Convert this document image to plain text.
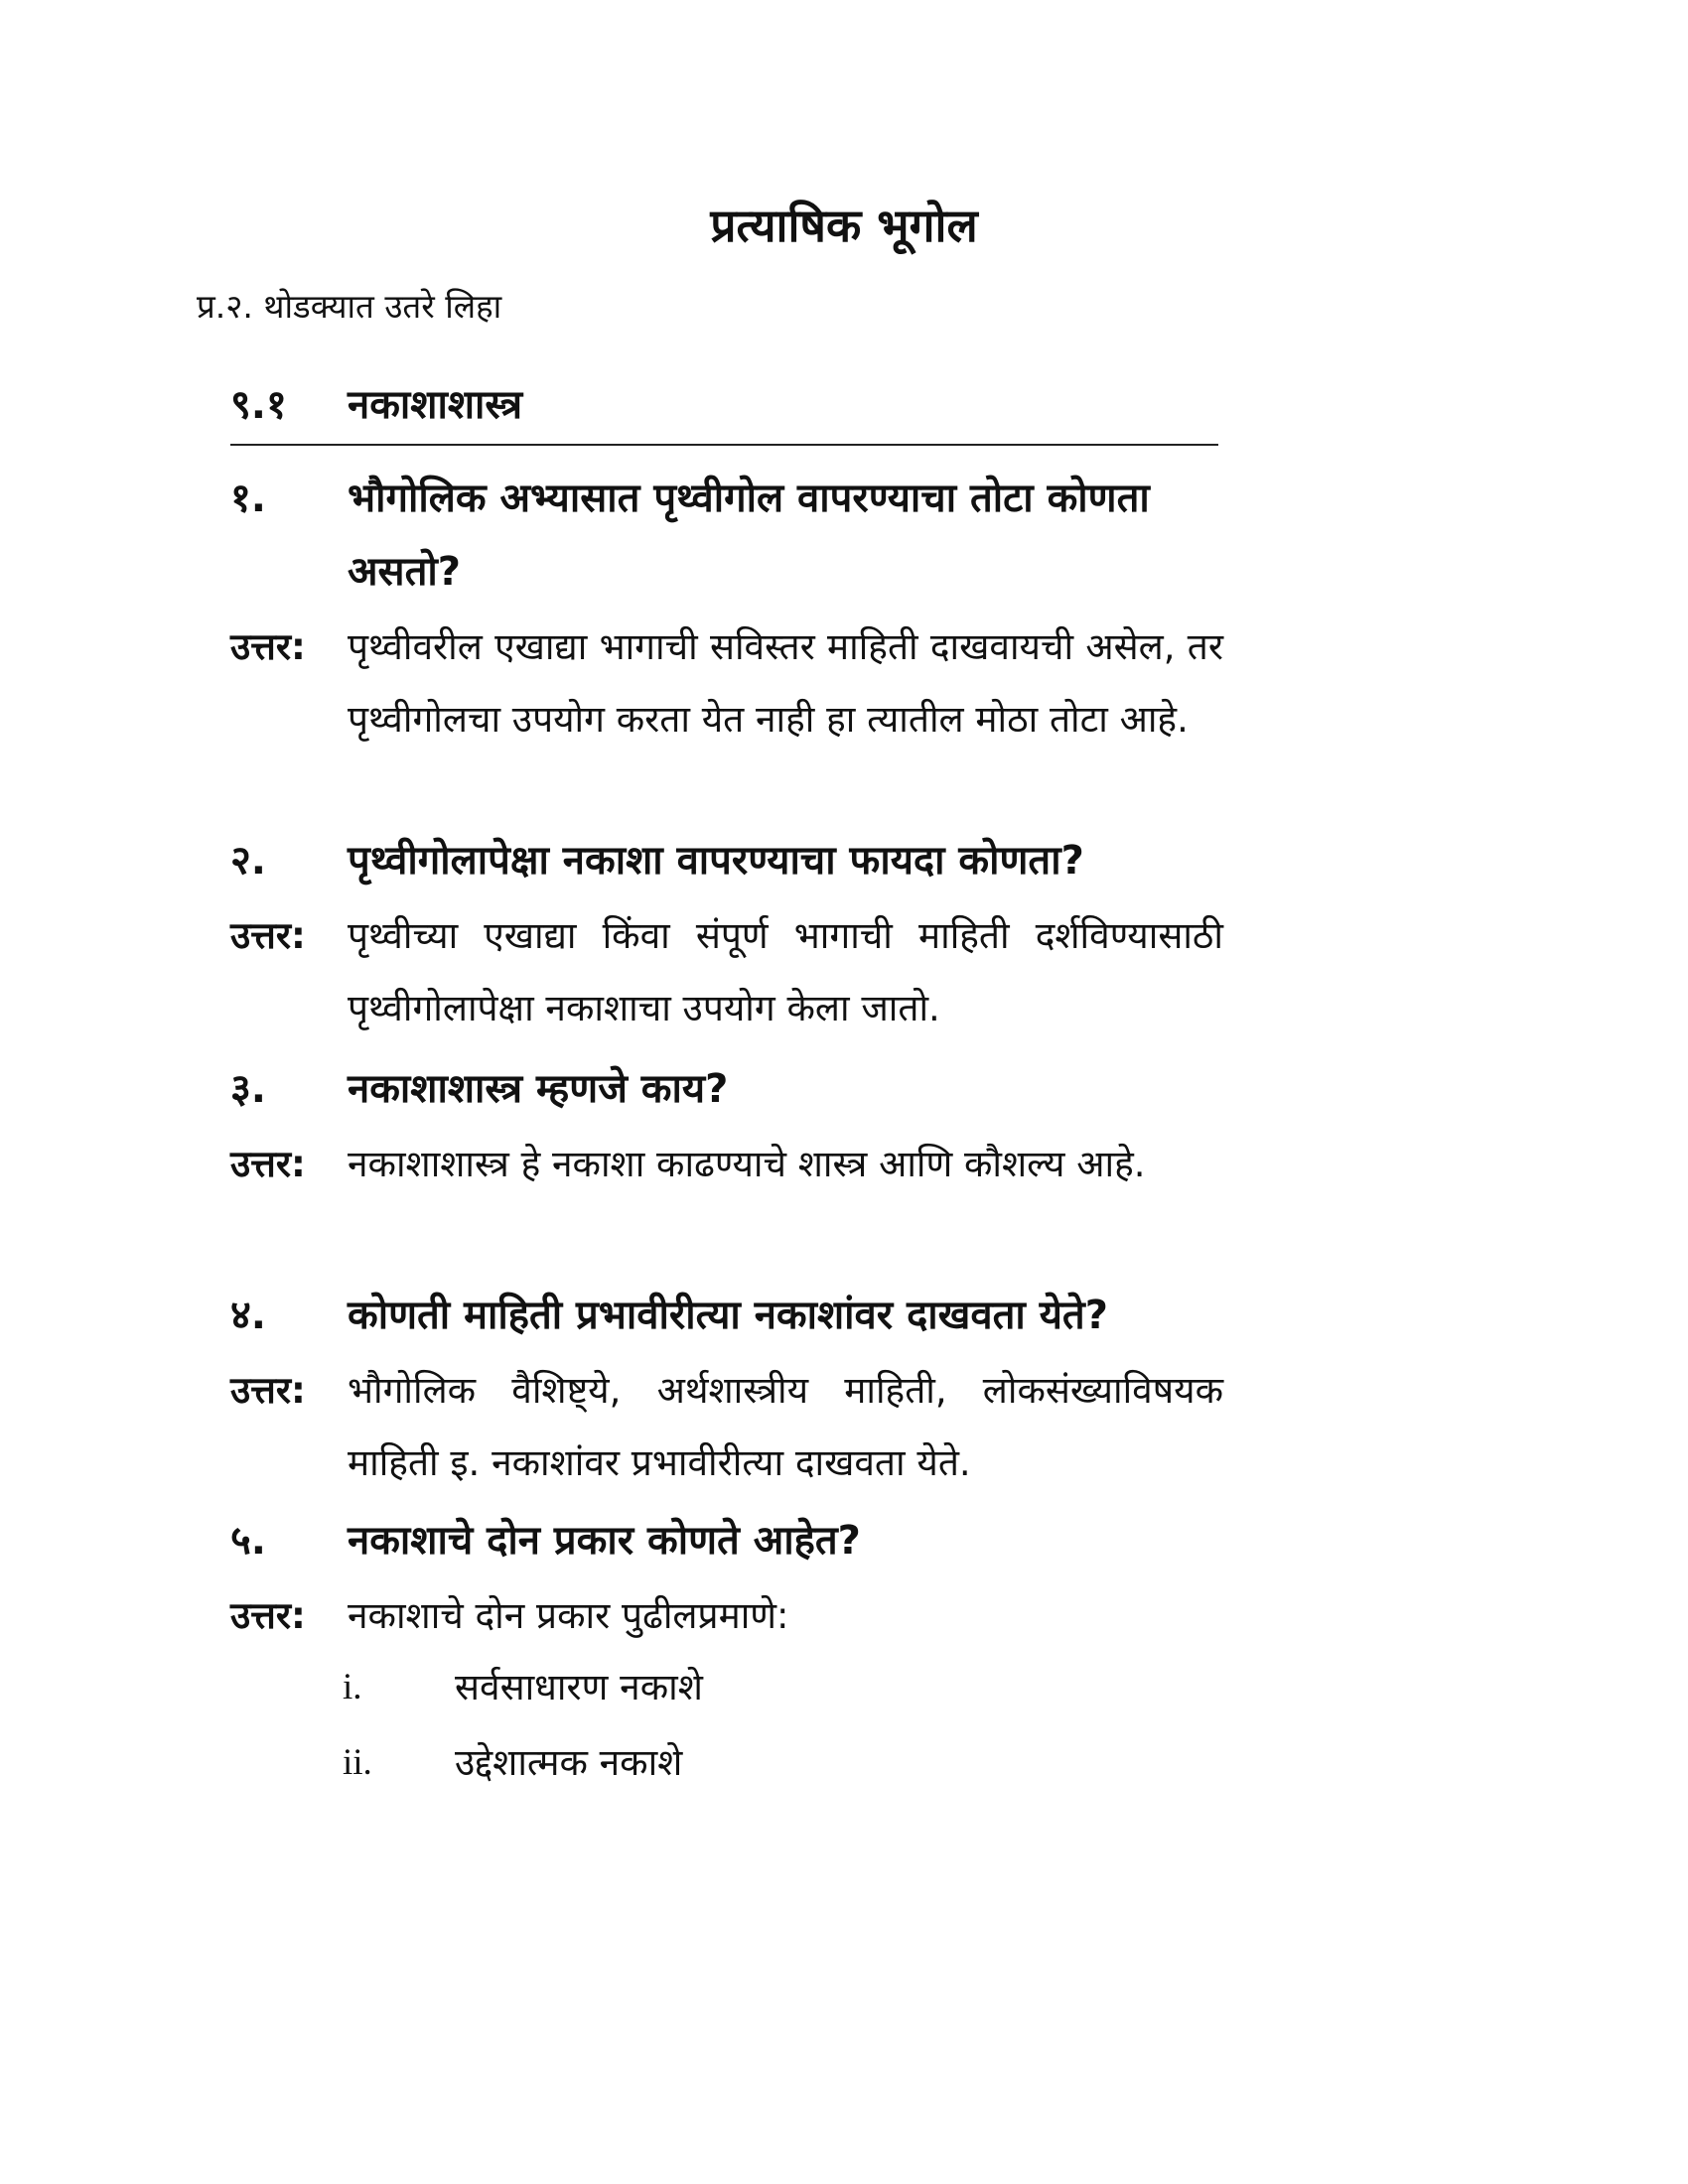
प्रत्याषिक भूगोल
प्र.२. थोडक्यात उतरे लिहा
९.१	नकाशाशास्त्र
१.	भौगोलिक अभ्यासात पृथ्वीगोल वापरण्याचा तोटा कोणता असतो?
उत्तर:	पृथ्वीवरील एखाद्या भागाची सविस्तर माहिती दाखवायची असेल, तर पृथ्वीगोलचा उपयोग करता येत नाही हा त्यातील मोठा तोटा आहे.
२.	पृथ्वीगोलापेक्षा नकाशा वापरण्याचा फायदा कोणता?
उत्तर:	पृथ्वीच्या एखाद्या किंवा संपूर्ण भागाची माहिती दर्शविण्यासाठी पृथ्वीगोलापेक्षा नकाशाचा उपयोग केला जातो.
३.	नकाशाशास्त्र म्हणजे काय?
उत्तर:	नकाशाशास्त्र हे नकाशा काढण्याचे शास्त्र आणि कौशल्य आहे.
४.	कोणती माहिती प्रभावीरीत्या नकाशांवर दाखवता येते?
उत्तर:	भौगोलिक वैशिष्ट्ये, अर्थशास्त्रीय माहिती, लोकसंख्याविषयक माहिती इ. नकाशांवर प्रभावीरीत्या दाखवता येते.
५.	नकाशाचे दोन प्रकार कोणते आहेत?
उत्तर:	नकाशाचे दोन प्रकार पुढीलप्रमाणे:
i.	सर्वसाधारण नकाशे
ii.	उद्देशात्मक नकाशे
